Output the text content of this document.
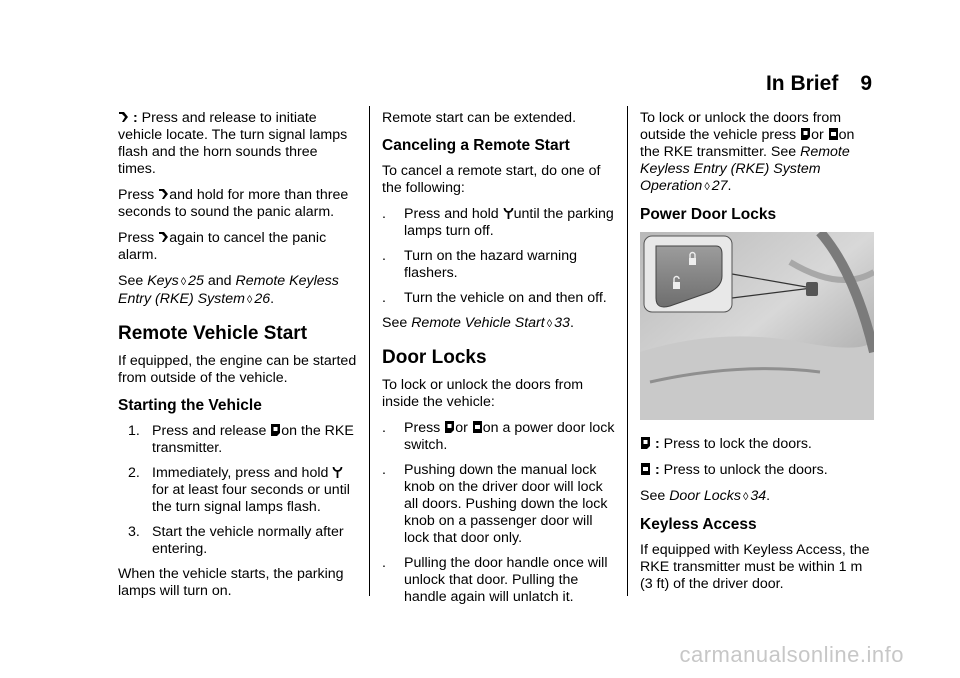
In Brief 9

: Press and release to initiate vehicle locate. The turn signal lamps flash and the horn sounds three times.

Press and hold for more than three seconds to sound the panic alarm.

Press again to cancel the panic alarm.

See Keys ◊ 25 and Remote Keyless Entry (RKE) System ◊ 26.

Remote Vehicle Start

If equipped, the engine can be started from outside of the vehicle.

Starting the Vehicle
1. Press and release on the RKE transmitter.
2. Immediately, press and hold for at least four seconds or until the turn signal lamps flash.
3. Start the vehicle normally after entering.

When the vehicle starts, the parking lamps will turn on.

Remote start can be extended.

Canceling a Remote Start

To cancel a remote start, do one of the following:

. Press and hold until the parking lamps turn off.
. Turn on the hazard warning flashers.
. Turn the vehicle on and then off.

See Remote Vehicle Start ◊ 33.

Door Locks

To lock or unlock the doors from inside the vehicle:

. Press or on a power door lock switch.
. Pushing down the manual lock knob on the driver door will lock all doors. Pushing down the lock knob on a passenger door will lock that door only.
. Pulling the door handle once will unlock that door. Pulling the handle again will unlatch it.

To lock or unlock the doors from outside the vehicle press or on the RKE transmitter. See Remote Keyless Entry (RKE) System Operation ◊ 27.

Power Door Locks

: Press to lock the doors.

: Press to unlock the doors.

See Door Locks ◊ 34.

Keyless Access

If equipped with Keyless Access, the RKE transmitter must be within 1 m (3 ft) of the driver door.

carmanualsonline.info
